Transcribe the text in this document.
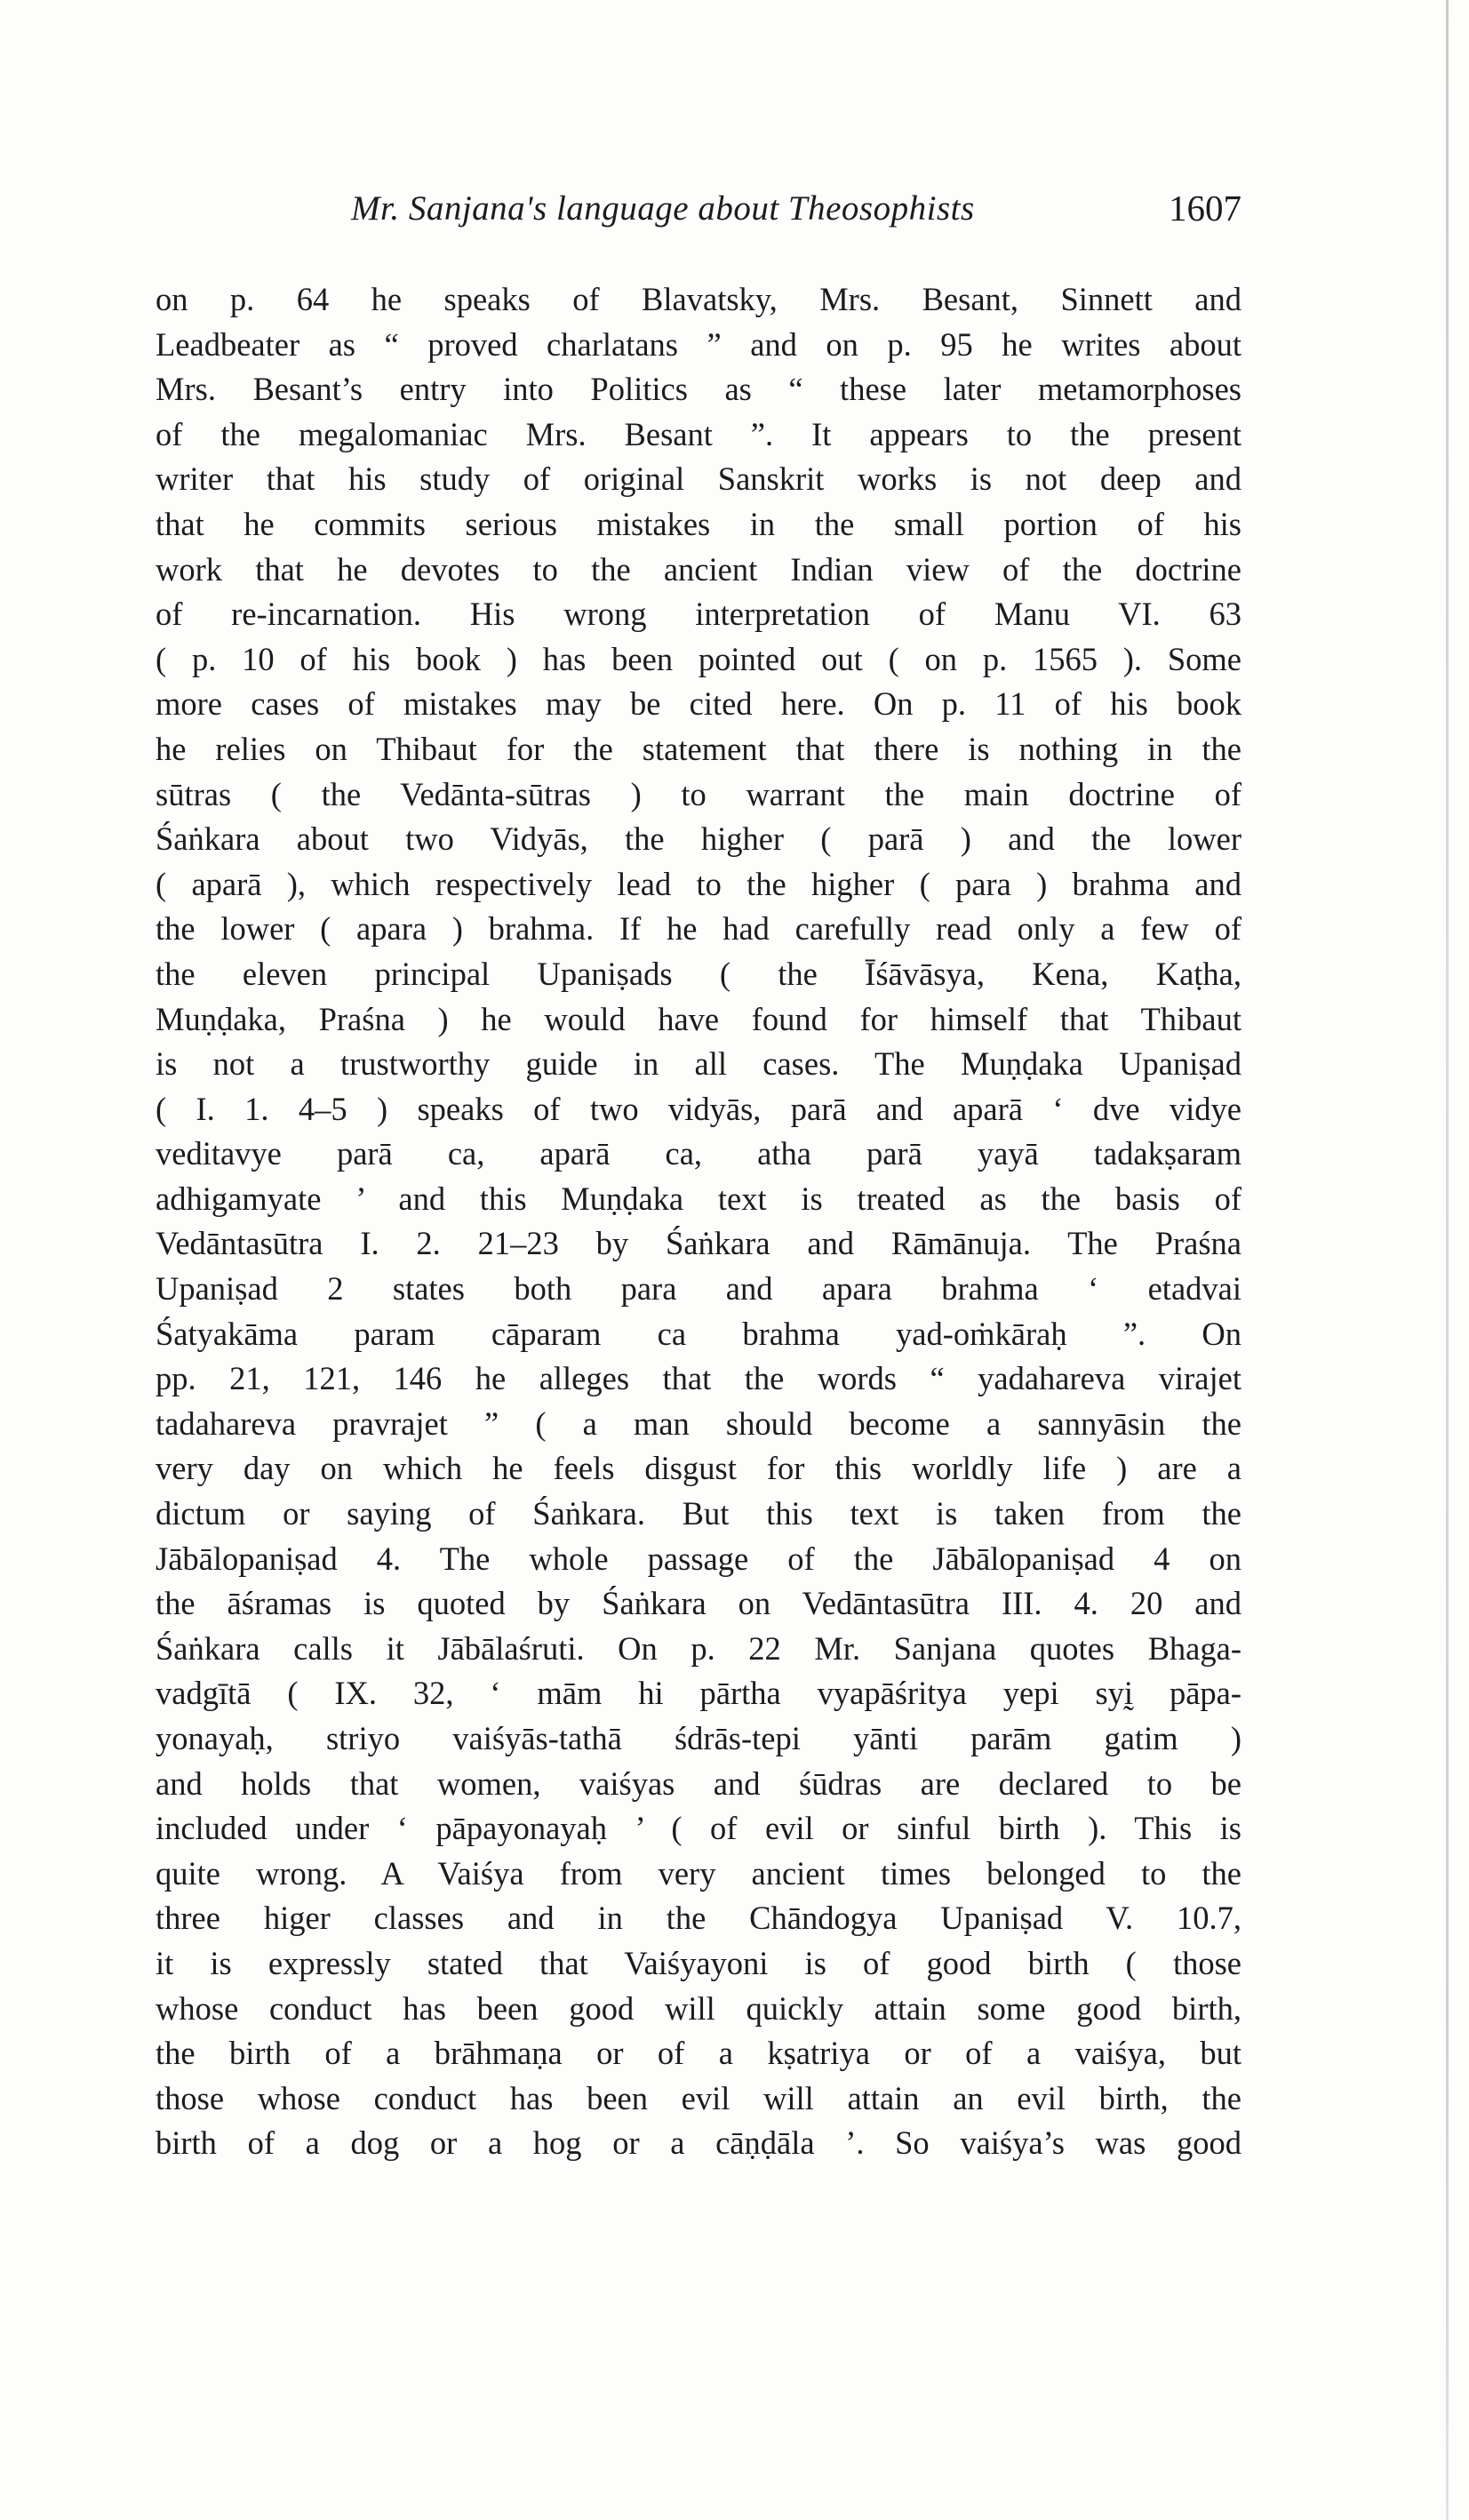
Mr. Sanjana's language about Theosophists	1607
on p. 64 he speaks of Blavatsky, Mrs. Besant, Sinnett and
Leadbeater as “ proved charlatans ” and on p. 95 he writes about
Mrs. Besant’s entry into Politics as “ these later metamorphoses
of the megalomaniac Mrs. Besant ”. It appears to the present
writer that his study of original Sanskrit works is not deep and
that he commits serious mistakes in the small portion of his
work that he devotes to the ancient Indian view of the doctrine
of re-incarnation. His wrong interpretation of Manu VI. 63
( p. 10 of his book ) has been pointed out ( on p. 1565 ). Some
more cases of mistakes may be cited here. On p. 11 of his book
he relies on Thibaut for the statement that there is nothing in the
sūtras ( the Vedānta-sūtras ) to warrant the main doctrine of
Śaṅkara about two Vidyās, the higher ( parā ) and the lower
( aparā ), which respectively lead to the higher ( para ) brahma and
the lower ( apara ) brahma. If he had carefully read only a few of
the eleven principal Upaniṣads ( the Īśāvāsya, Kena, Kaṭha,
Muṇḍaka, Praśna ) he would have found for himself that Thibaut
is not a trustworthy guide in all cases. The Muṇḍaka Upaniṣad
( I. 1. 4–5 ) speaks of two vidyās, parā and aparā ‘ dve vidye
veditavye parā ca, aparā ca, atha parā yayā tadakṣaram
adhigamyate ’ and this Muṇḍaka text is treated as the basis of
Vedāntasūtra I. 2. 21–23 by Śaṅkara and Rāmānuja. The Praśna
Upaniṣad 2 states both para and apara brahma ‘ etadvai
Śatyakāma param cāparam ca brahma yad-oṁkāraḥ ”. On
pp. 21, 121, 146 he alleges that the words “ yadahareva virajet
tadahareva pravrajet ” ( a man should become a sannyāsin the
very day on which he feels disgust for this worldly life ) are a
dictum or saying of Śaṅkara. But this text is taken from the
Jābālopaniṣad 4. The whole passage of the Jābālopaniṣad 4 on
the āśramas is quoted by Śaṅkara on Vedāntasūtra III. 4. 20 and
Śaṅkara calls it Jābālaśruti. On p. 22 Mr. Sanjana quotes Bhaga-
vadgītā ( IX. 32, ‘ mām hi pārtha vyapāśritya yepi syḭ pāpa-
yonayaḥ, striyo vaiśyās-tathā śdrās-tepi yānti parām gatim )
and holds that women, vaiśyas and śūdras are declared to be
included under ‘ pāpayonayaḥ ’ ( of evil or sinful birth ). This is
quite wrong. A Vaiśya from very ancient times belonged to the
three higer classes and in the Chāndogya Upaniṣad V. 10.7,
it is expressly stated that Vaiśyayoni is of good birth ( those
whose conduct has been good will quickly attain some good birth,
the birth of a brāhmaṇa or of a kṣatriya or of a vaiśya, but
those whose conduct has been evil will attain an evil birth, the
birth of a dog or a hog or a cāṇḍāla ’. So vaiśya’s was good
